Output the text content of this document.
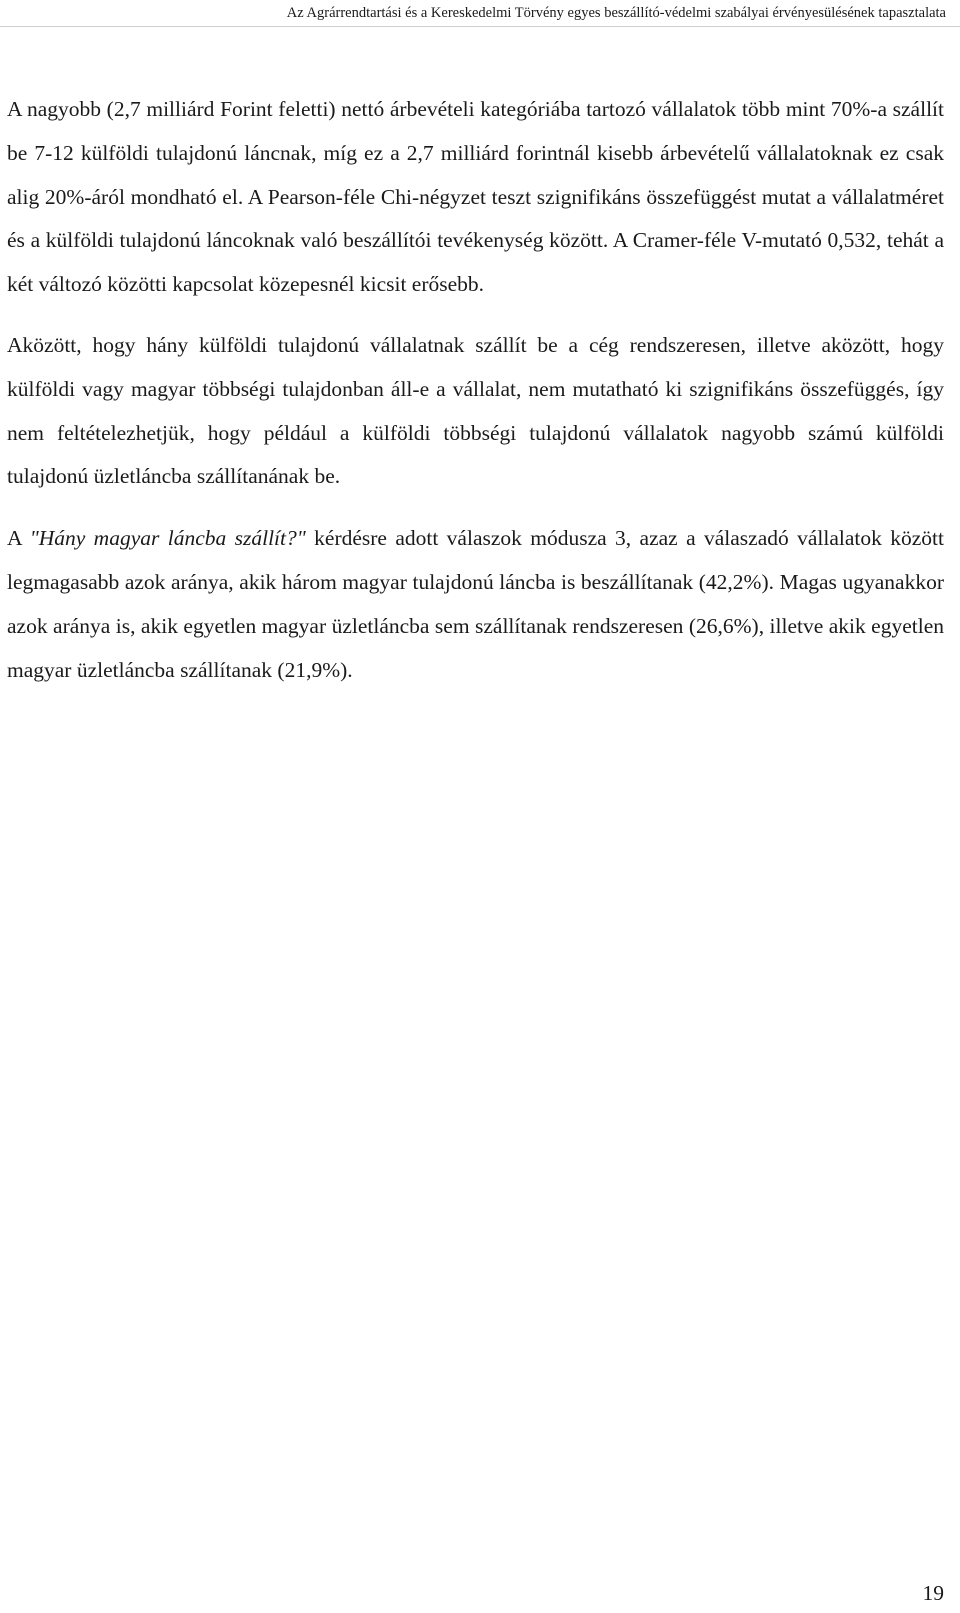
Az Agrárrendtartási és a Kereskedelmi Törvény egyes beszállító-védelmi szabályai érvényesülésének tapasztalata

A nagyobb (2,7 milliárd Forint feletti) nettó árbevételi kategóriába tartozó vállalatok több mint 70%-a szállít be 7-12 külföldi tulajdonú láncnak, míg ez a 2,7 milliárd forintnál kisebb árbevételű vállalatoknak ez csak alig 20%-áról mondható el. A Pearson-féle Chi-négyzet teszt szignifikáns összefüggést mutat a vállalatméret és a külföldi tulajdonú láncoknak való beszállítói tevékenység között. A Cramer-féle V-mutató 0,532, tehát a két változó közötti kapcsolat közepesnél kicsit erősebb.

Aközött, hogy hány külföldi tulajdonú vállalatnak szállít be a cég rendszeresen, illetve aközött, hogy külföldi vagy magyar többségi tulajdonban áll-e a vállalat, nem mutatható ki szignifikáns összefüggés, így nem feltételezhetjük, hogy például a külföldi többségi tulajdonú vállalatok nagyobb számú külföldi tulajdonú üzletláncba szállítanának be.

A "Hány magyar láncba szállít?" kérdésre adott válaszok módusza 3, azaz a válaszadó vállalatok között legmagasabb azok aránya, akik három magyar tulajdonú láncba is beszállítanak (42,2%). Magas ugyanakkor azok aránya is, akik egyetlen magyar üzletláncba sem szállítanak rendszeresen (26,6%), illetve akik egyetlen magyar üzletláncba szállítanak (21,9%).

19
